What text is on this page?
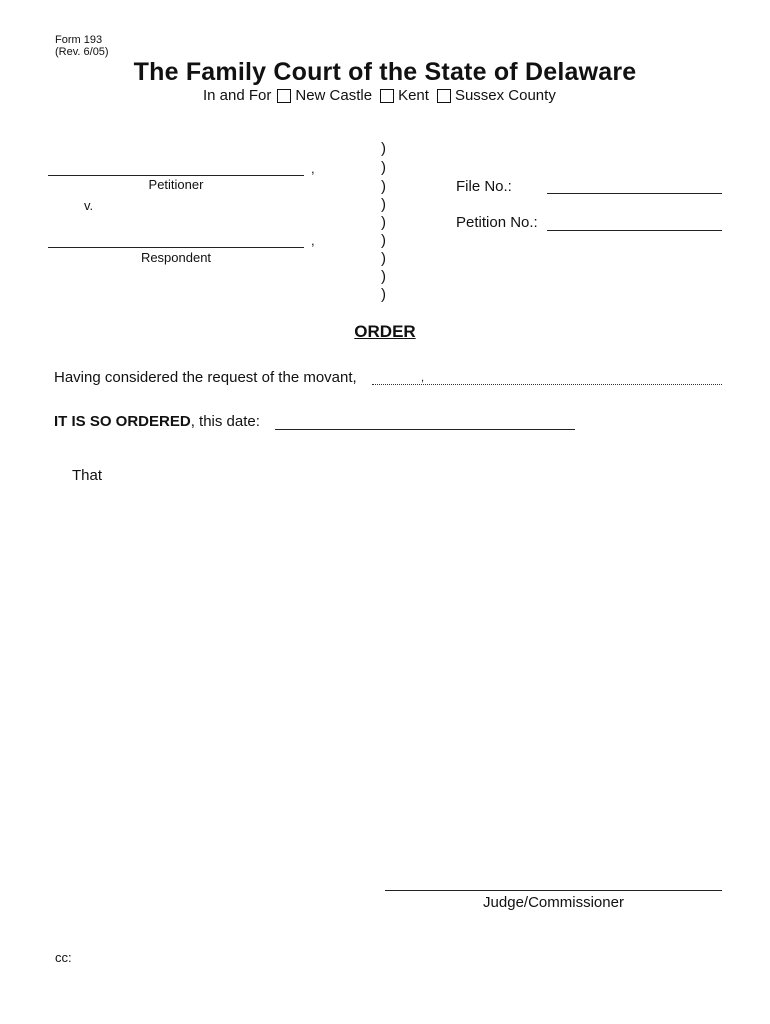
Form 193
(Rev. 6/05)
The Family Court of the State of Delaware
In and For New Castle Kent Sussex County
,
Petitioner
v.
,
Respondent
)
)
)
)
)
)
)
)
)
File No.:
Petition No.:
ORDER
Having considered the request of the movant,	,
IT IS SO ORDERED, this date:
That
Judge/Commissioner
cc:
